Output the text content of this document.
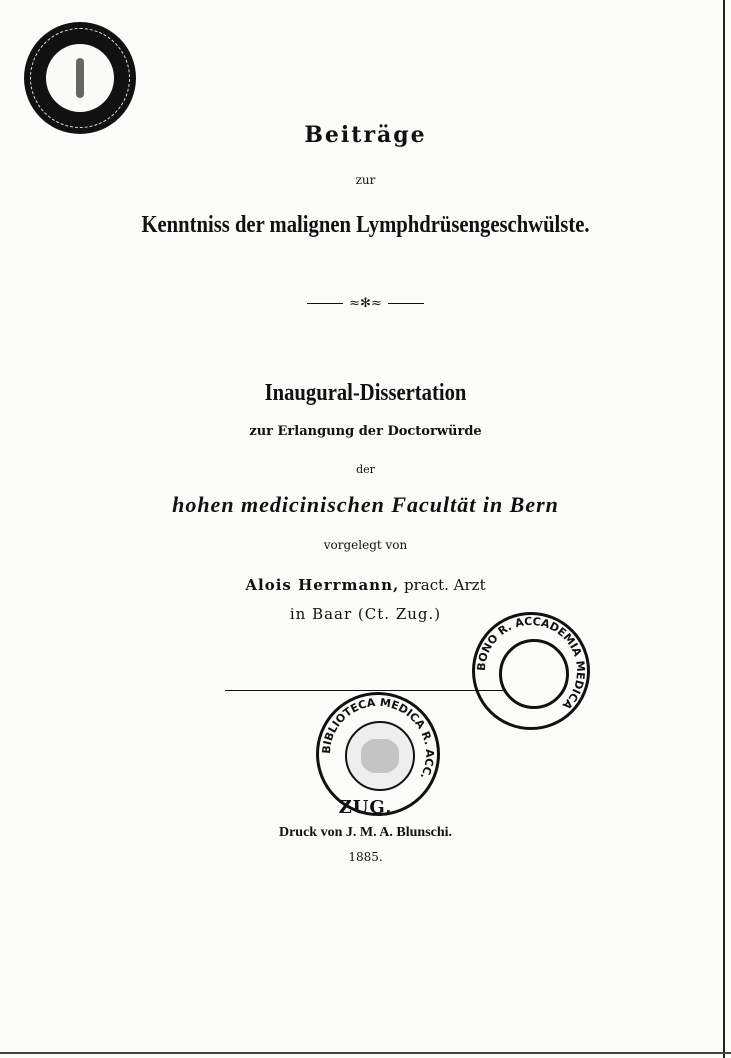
Beiträge
zur
Kenntniss der malignen Lymphdrüsengeschwülste.
≈✻≈
Inaugural-Dissertation
zur Erlangung der Doctorwürde
der
hohen medicinischen Facultät in Bern
vorgelegt von
Alois Herrmann, pract. Arzt
in Baar (Ct. Zug.)
BONO R. ACCADEMIA MEDICA
BIBLIOTECA MEDICA R. ACC.
ZUG,
Druck von J. M. A. Blunschi.
1885.
